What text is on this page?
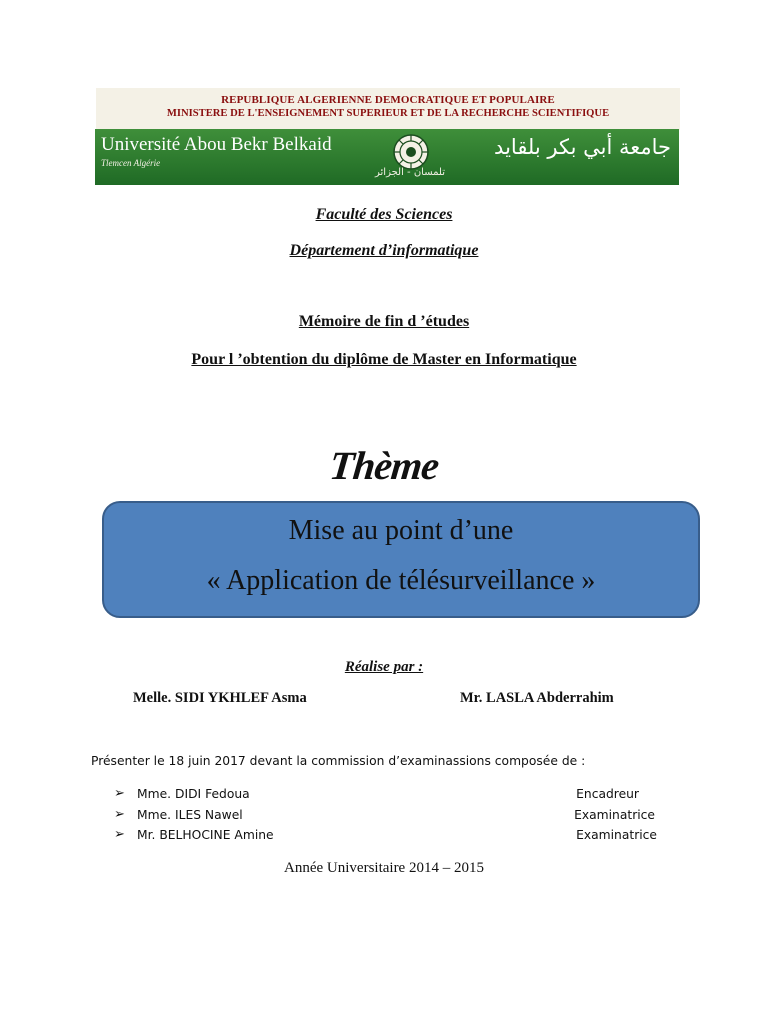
REPUBLIQUE ALGERIENNE DEMOCRATIQUE ET POPULAIRE
MINISTERE DE L'ENSEIGNEMENT SUPERIEUR ET DE LA RECHERCHE SCIENTIFIQUE
Université Abou Bekr Belkaid
Tlemcen Algérie
جامعة أبي بكر بلقايد
تلمسان - الجزائر
Faculté des Sciences
Département d’informatique
Mémoire de fin d ’études
Pour l ’obtention du diplôme de Master en Informatique
Thème
Mise au point d’une
« Application de télésurveillance »
Réalise par :
Melle. SIDI YKHLEF Asma	Mr. LASLA Abderrahim
Présenter le 18 juin 2017 devant la commission d’examinassions composée de :
➢ Mme. DIDI Fedoua	Encadreur
➢ Mme. ILES Nawel	Examinatrice
➢ Mr. BELHOCINE Amine	Examinatrice
Année Universitaire 2014 – 2015
